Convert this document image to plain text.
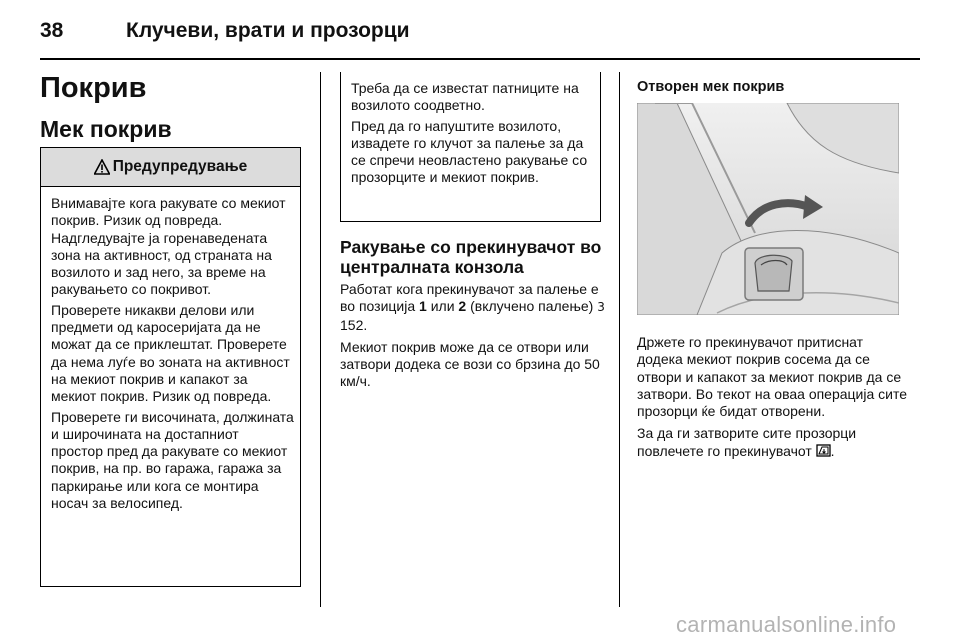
38	Клучеви, врати и прозорци
Покрив
Мек покрив
Предупредување

Внимавајте кога ракувате со мекиот покрив. Ризик од повреда. Надгледувајте ја горенаведената зона на активност, од страната на возилото и зад него, за време на ракувањето со покривот.

Проверете никакви делови или предмети од каросеријата да не можат да се приклештат. Проверете да нема луѓе во зоната на активност на мекиот покрив и капакот за мекиот покрив. Ризик од повреда.

Проверете ги височината, должината и широчината на достапниот простор пред да ракувате со мекиот покрив, на пр. во гаража, гаража за паркирање или кога се монтира носач за велосипед.

Треба да се известат патниците на возилото соодветно.

Пред да го напуштите возилото, извадете го клучот за палење за да се спречи неовластено ракување со прозорците и мекиот покрив.

Ракување со прекинувачот во централната конзола

Работат кога прекинувачот за палење е во позиција 1 или 2 (вклучено палење) 3 152.

Мекиот покрив може да се отвори или затвори додека се вози со брзина до 50 км/ч.

Отворен мек покрив

Држете го прекинувачот притиснат додека мекиот покрив сосема да се отвори и капакот за мекиот покрив да се затвори. Во текот на оваа операција сите прозорци ќе бидат отворени.

За да ги затворите сите прозорци повлечете го прекинувачот .

carmanualsonline.info
